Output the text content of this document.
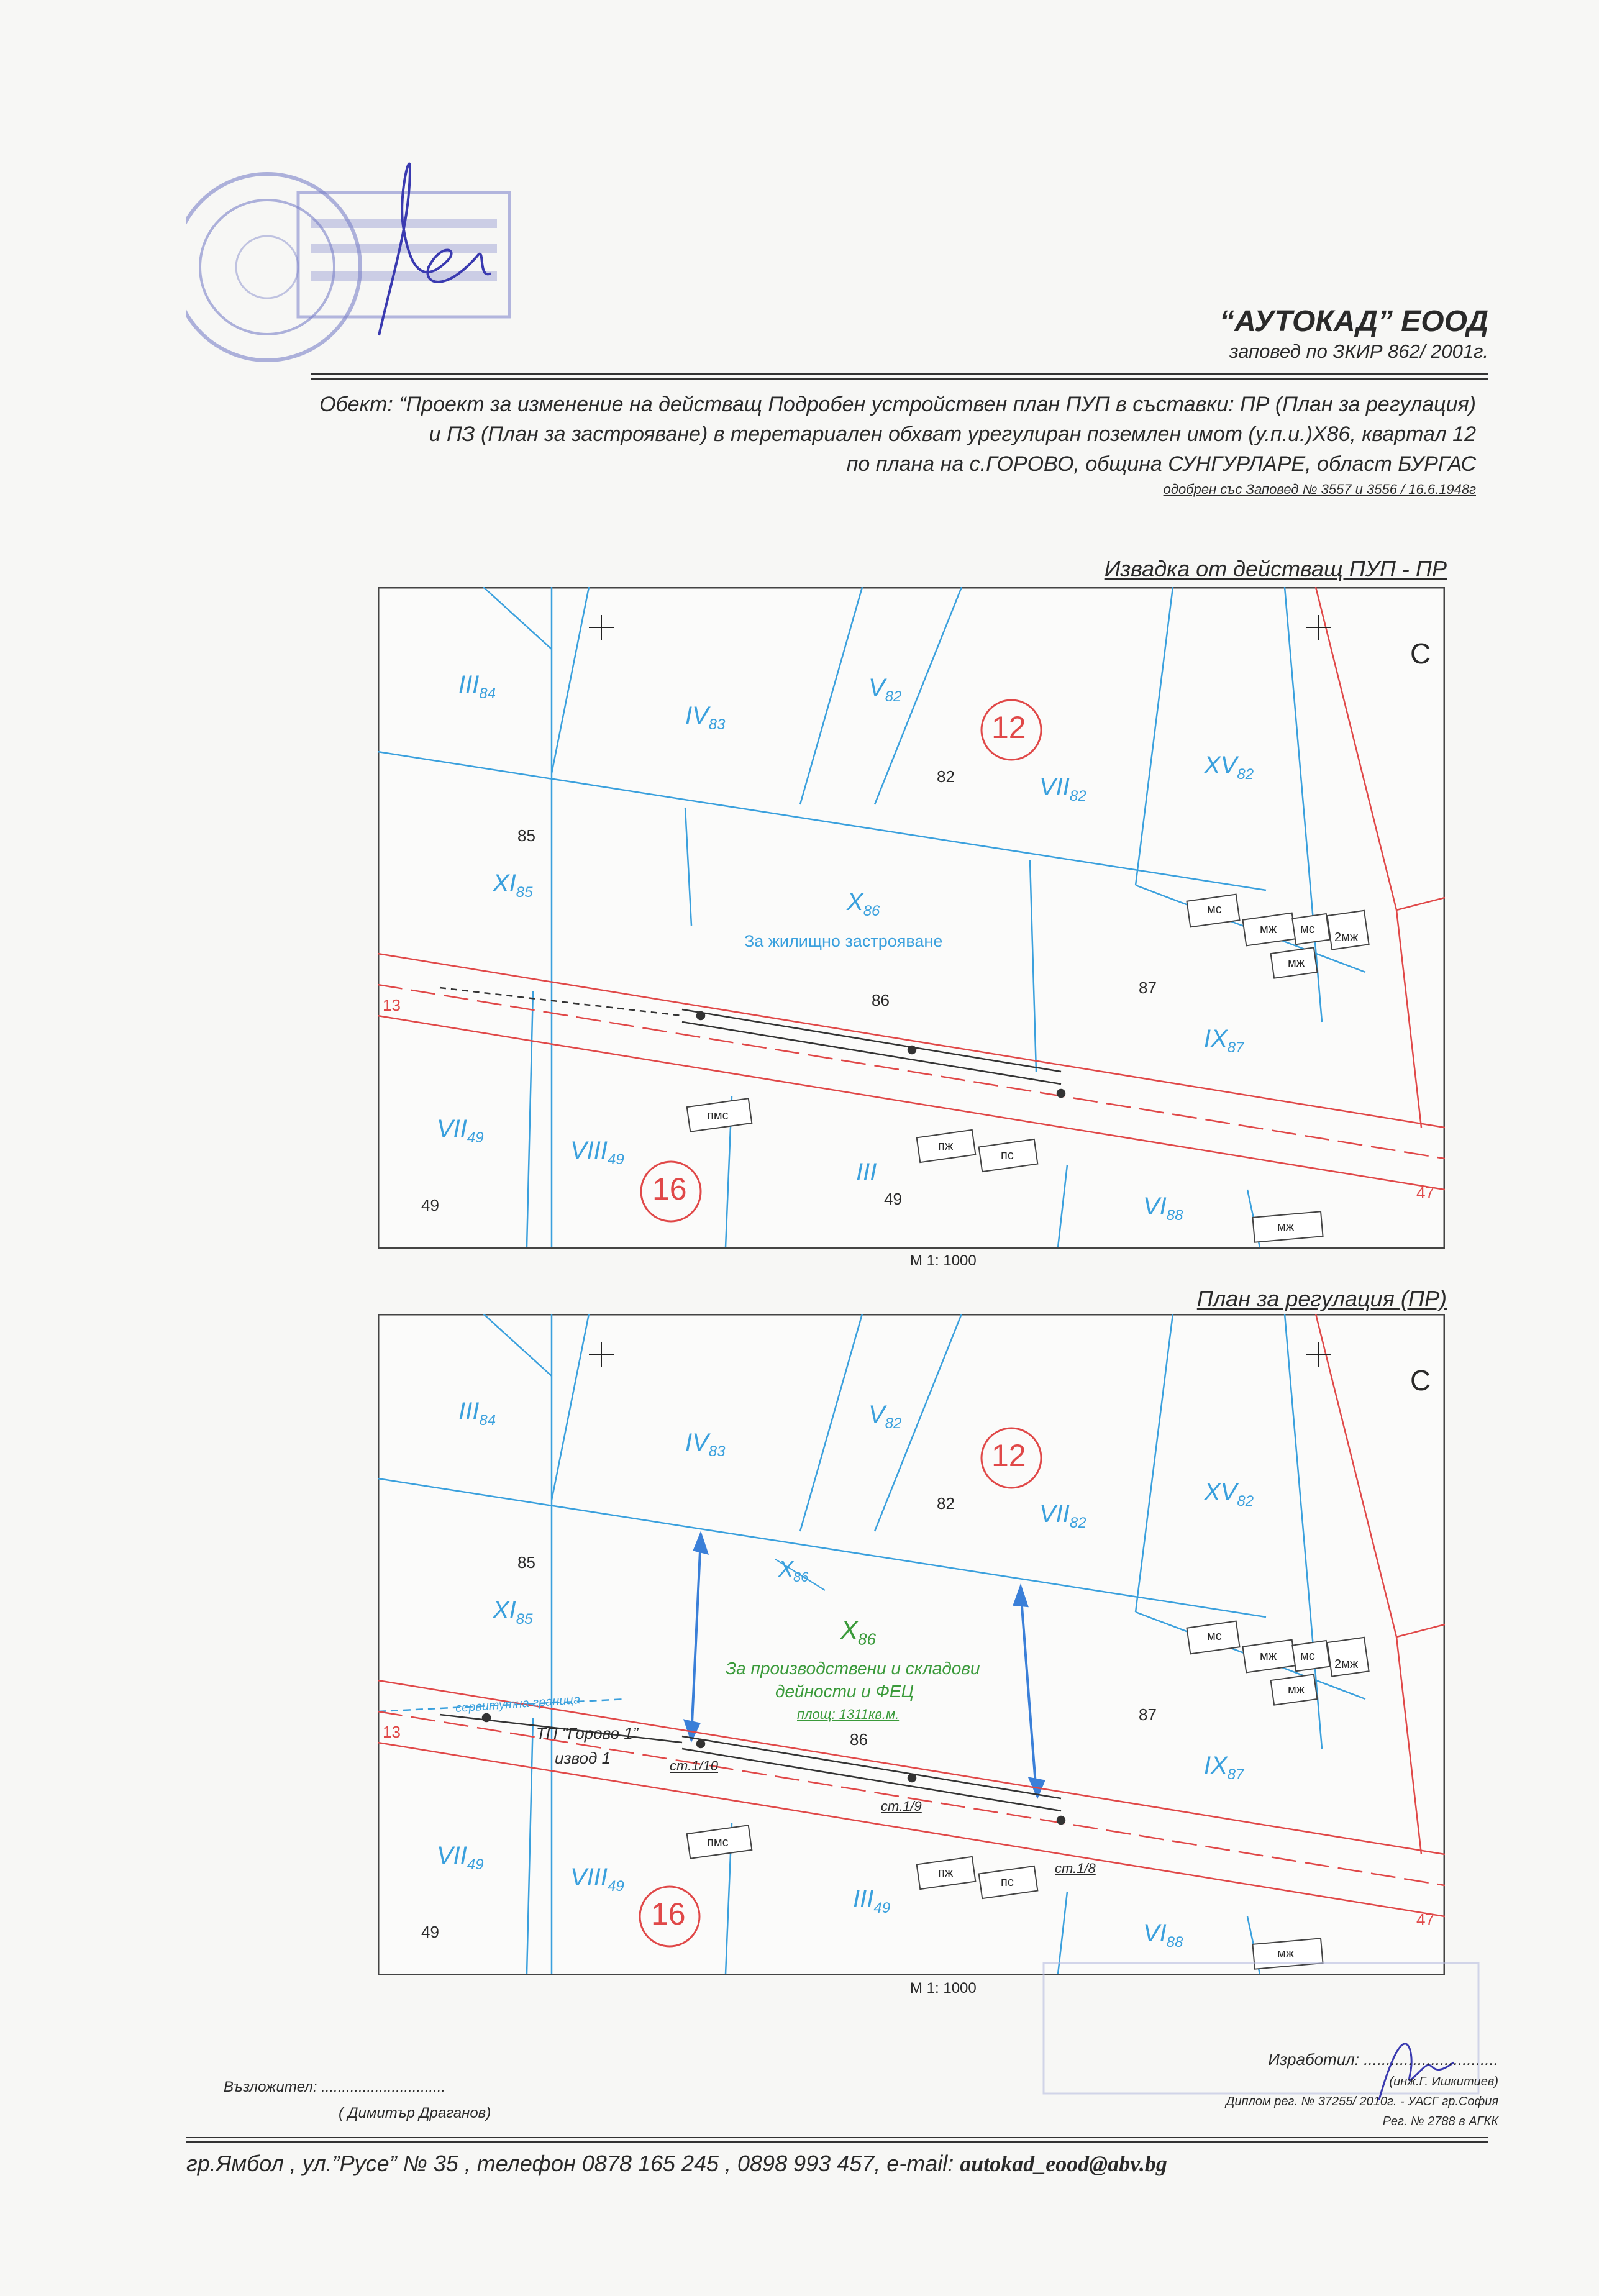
“АУТОКАД” ЕООД
заповед по ЗКИР 862/ 2001г.
Обект: “Проект за изменение на действащ Подробен устройствен план ПУП в съставки: ПР (План за регулация)
и ПЗ (План за застрояване) в теретариален обхват урегулиран поземлен имот (у.п.и.)Х86, квартал 12
по плана на с.ГОРОВО, община СУНГУРЛАРЕ, област БУРГАС
одобрен със Заповед № 3557 и 3556 / 16.6.1948г
Извадка от действащ ПУП - ПР
$III_{84}$
$IV_{83}$
$V_{82}$
$VII_{82}$
$XV_{82}$
$XI_{85}$	$X_{86}$
$IX_{87}$
$VII_{49}$	$VIII_{49}$	III
$VI_{88}$
82
85
86
87
49	49
За жилищно застрояване
12
16
13
47
С
мс
мж мс
2мж
мж
пмс
пж
пс
мж
М 1: 1000
План за регулация (ПР)
$III_{84}$
$IV_{83}$
$V_{82}$
$VII_{82}$
$XV_{82}$
$XI_{85}$
$X_{86}$
$X_{86}$
$IX_{87}$
$VII_{49}$	$VIII_{49}$	$III_{49}$
$VI_{88}$
82
85
86
87
49
За производствени и складови
дейности и ФЕЦ
площ: 1311кв.м.
сервитутна граница
ТП “Горово 1”
извод 1	ст.1/10
ст.1/9
ст.1/8
12
16
13
47
С
мс
мж мс
2мж
мж
пмс
пж
пс
мж
М 1: 1000
Възложител: ..............................
( Димитър Драганов)
Изработил: ..............................
(инж.Г. Ишкитиев)
Диплом рег. № 37255/ 2010г. - УАСГ гр.София
Рег. № 2788 в АГКК
гр.Ямбол , ул.”Русе” № 35 , телефон 0878 165 245 , 0898 993 457, e-mail: autokad_eood@abv.bg
